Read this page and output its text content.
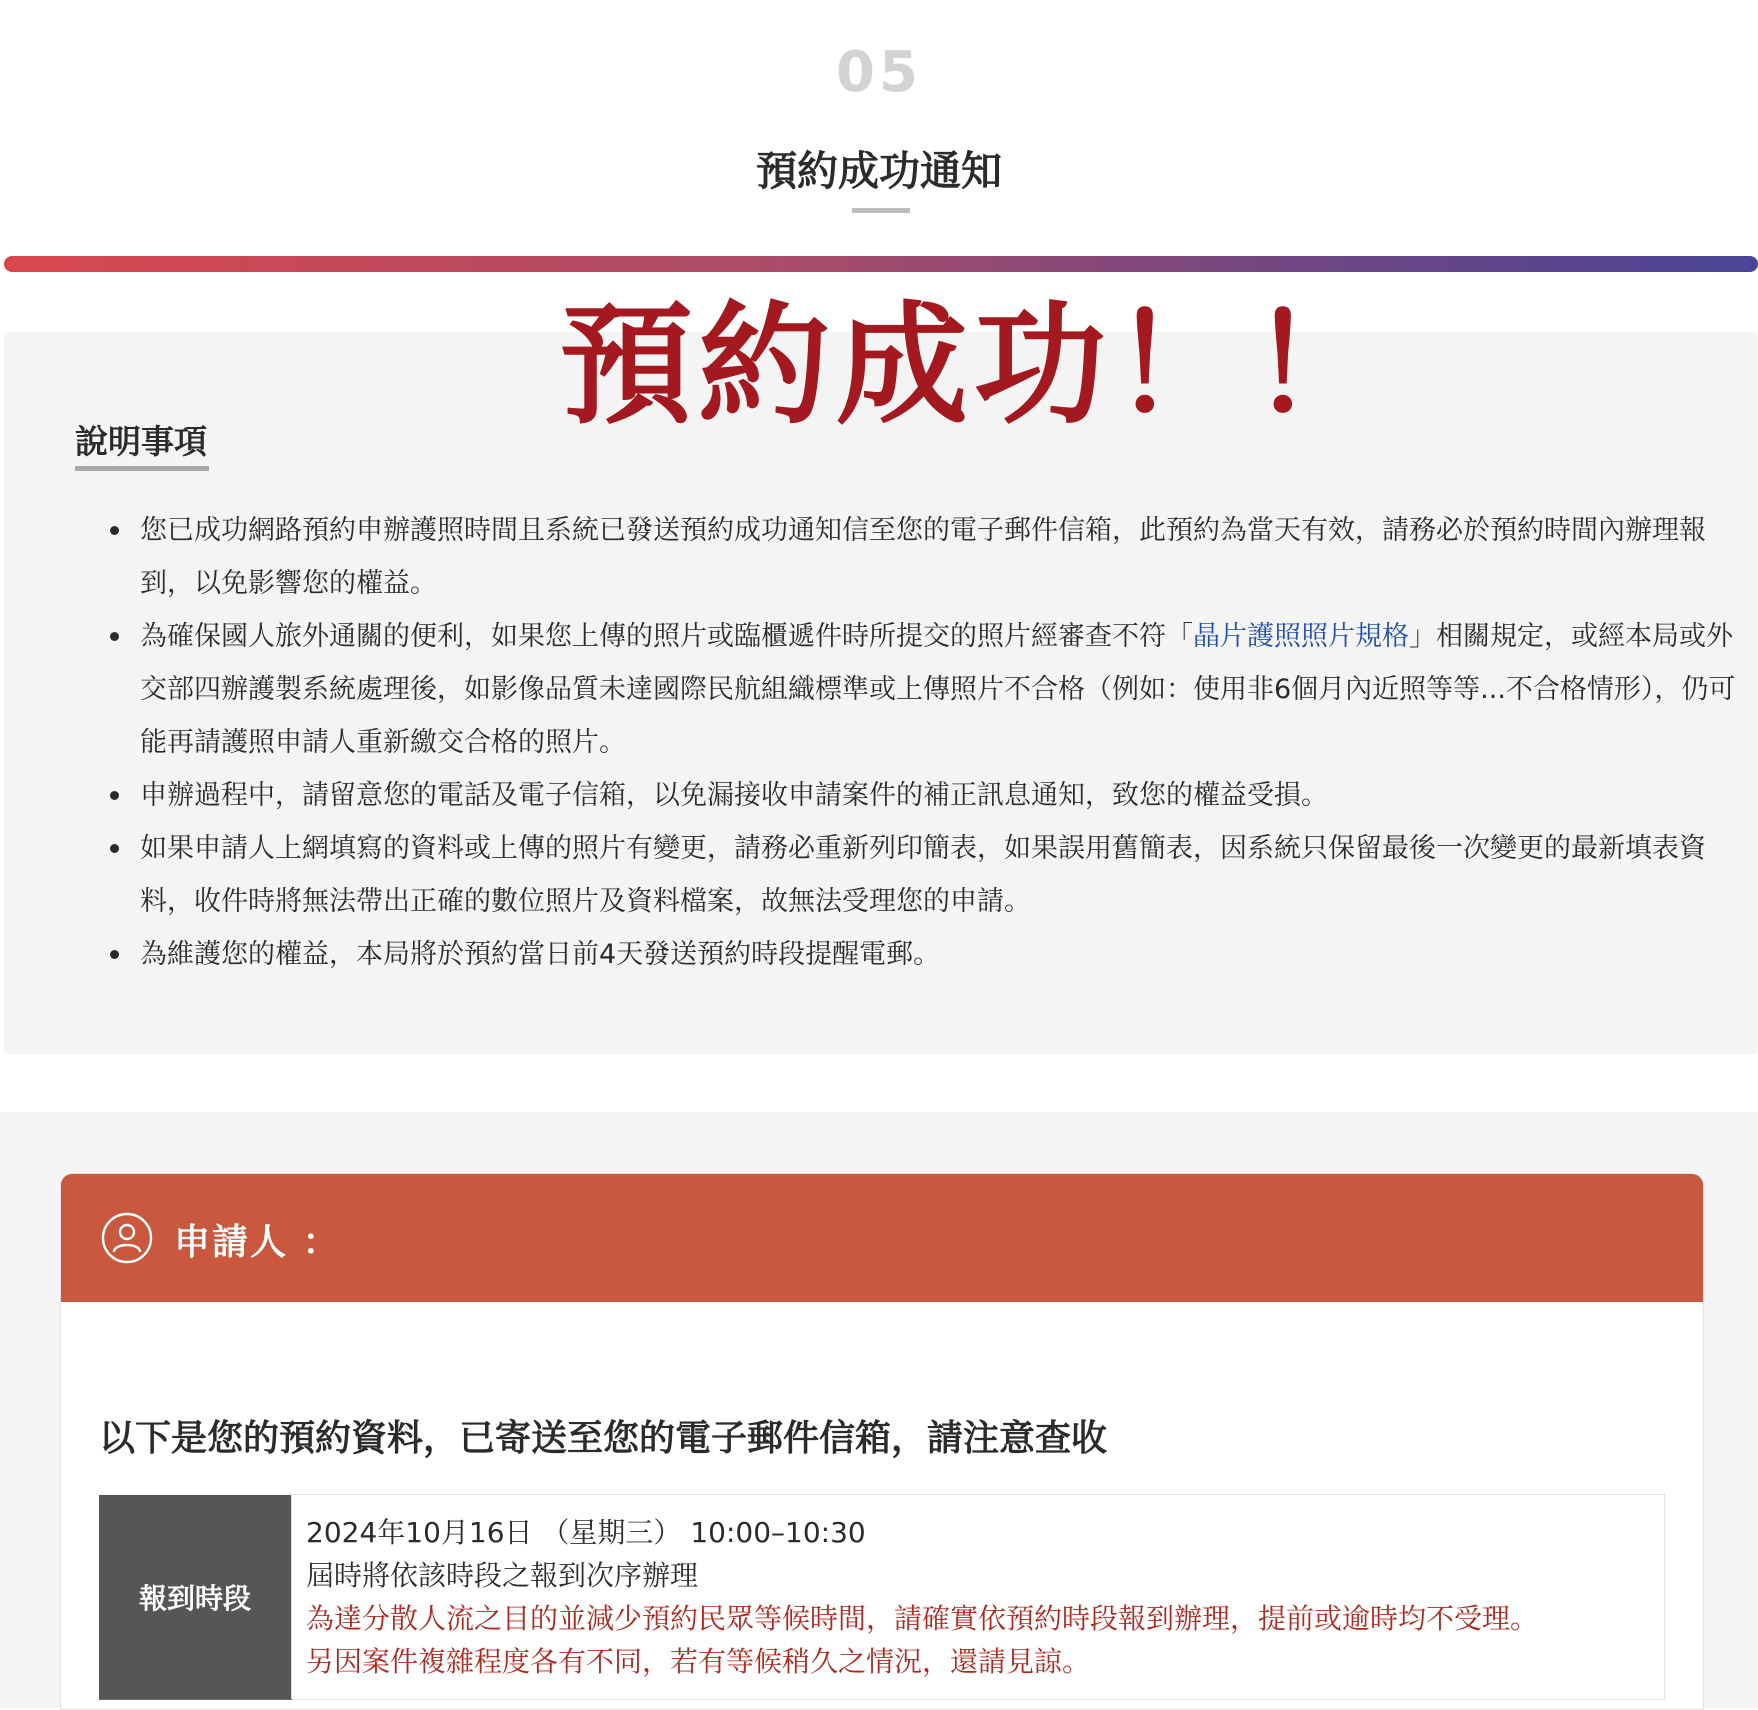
05
預約成功通知
預約成功！！
說明事項
您已成功網路預約申辦護照時間且系統已發送預約成功通知信至您的電子郵件信箱，此預約為當天有效，請務必於預約時間內辦理報到，以免影響您的權益。
為確保國人旅外通關的便利，如果您上傳的照片或臨櫃遞件時所提交的照片經審查不符「晶片護照照片規格」相關規定，或經本局或外交部四辦護製系統處理後，如影像品質未達國際民航組織標準或上傳照片不合格（例如：使用非6個月內近照等等...不合格情形），仍可能再請護照申請人重新繳交合格的照片。
申辦過程中，請留意您的電話及電子信箱，以免漏接收申請案件的補正訊息通知，致您的權益受損。
如果申請人上網填寫的資料或上傳的照片有變更，請務必重新列印簡表，如果誤用舊簡表，因系統只保留最後一次變更的最新填表資料，收件時將無法帶出正確的數位照片及資料檔案，故無法受理您的申請。
為維護您的權益，本局將於預約當日前4天發送預約時段提醒電郵。
申請人 ：
以下是您的預約資料，已寄送至您的電子郵件信箱，請注意查收
報到時段	
2024年10月16日 （星期三） 10:00–10:30
屆時將依該時段之報到次序辦理
為達分散人流之目的並減少預約民眾等候時間，請確實依預約時段報到辦理，提前或逾時均不受理。
另因案件複雜程度各有不同，若有等候稍久之情況，還請見諒。
